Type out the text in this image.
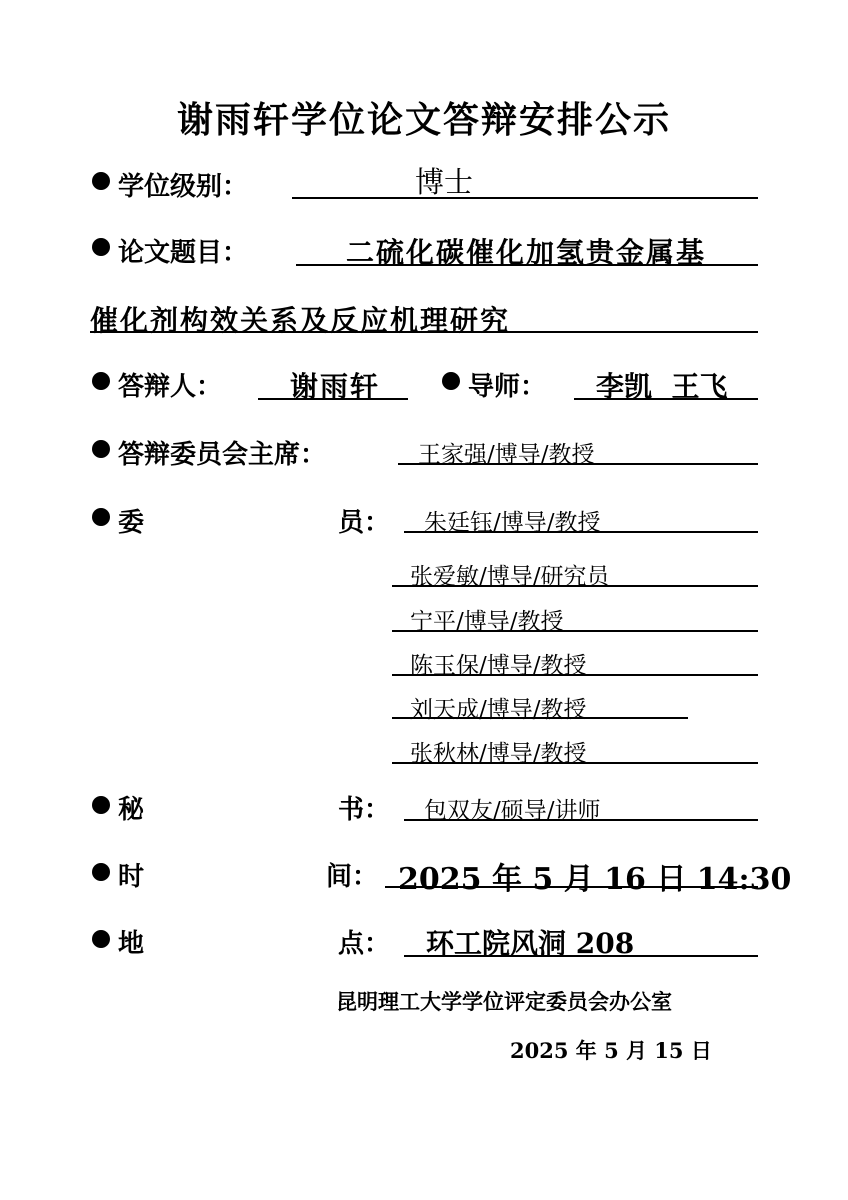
谢雨轩学位论文答辩安排公示
学位级别：	博士
论文题目：	二硫化碳催化加氢贵金属基
催化剂构效关系及反应机理研究
答辩人： 谢雨轩	导师： 李凯  王飞
答辩委员会主席：	王家强/博导/教授
委	员： 朱廷钰/博导/教授
张爱敏/博导/研究员
宁平/博导/教授
陈玉保/博导/教授
刘天成/博导/教授
张秋林/博导/教授
秘	书： 包双友/硕导/讲师
时	间： 2025 年 5 月 16 日 14:30
地	点： 环工院风洞 208
昆明理工大学学位评定委员会办公室
2025 年 5 月 15 日
